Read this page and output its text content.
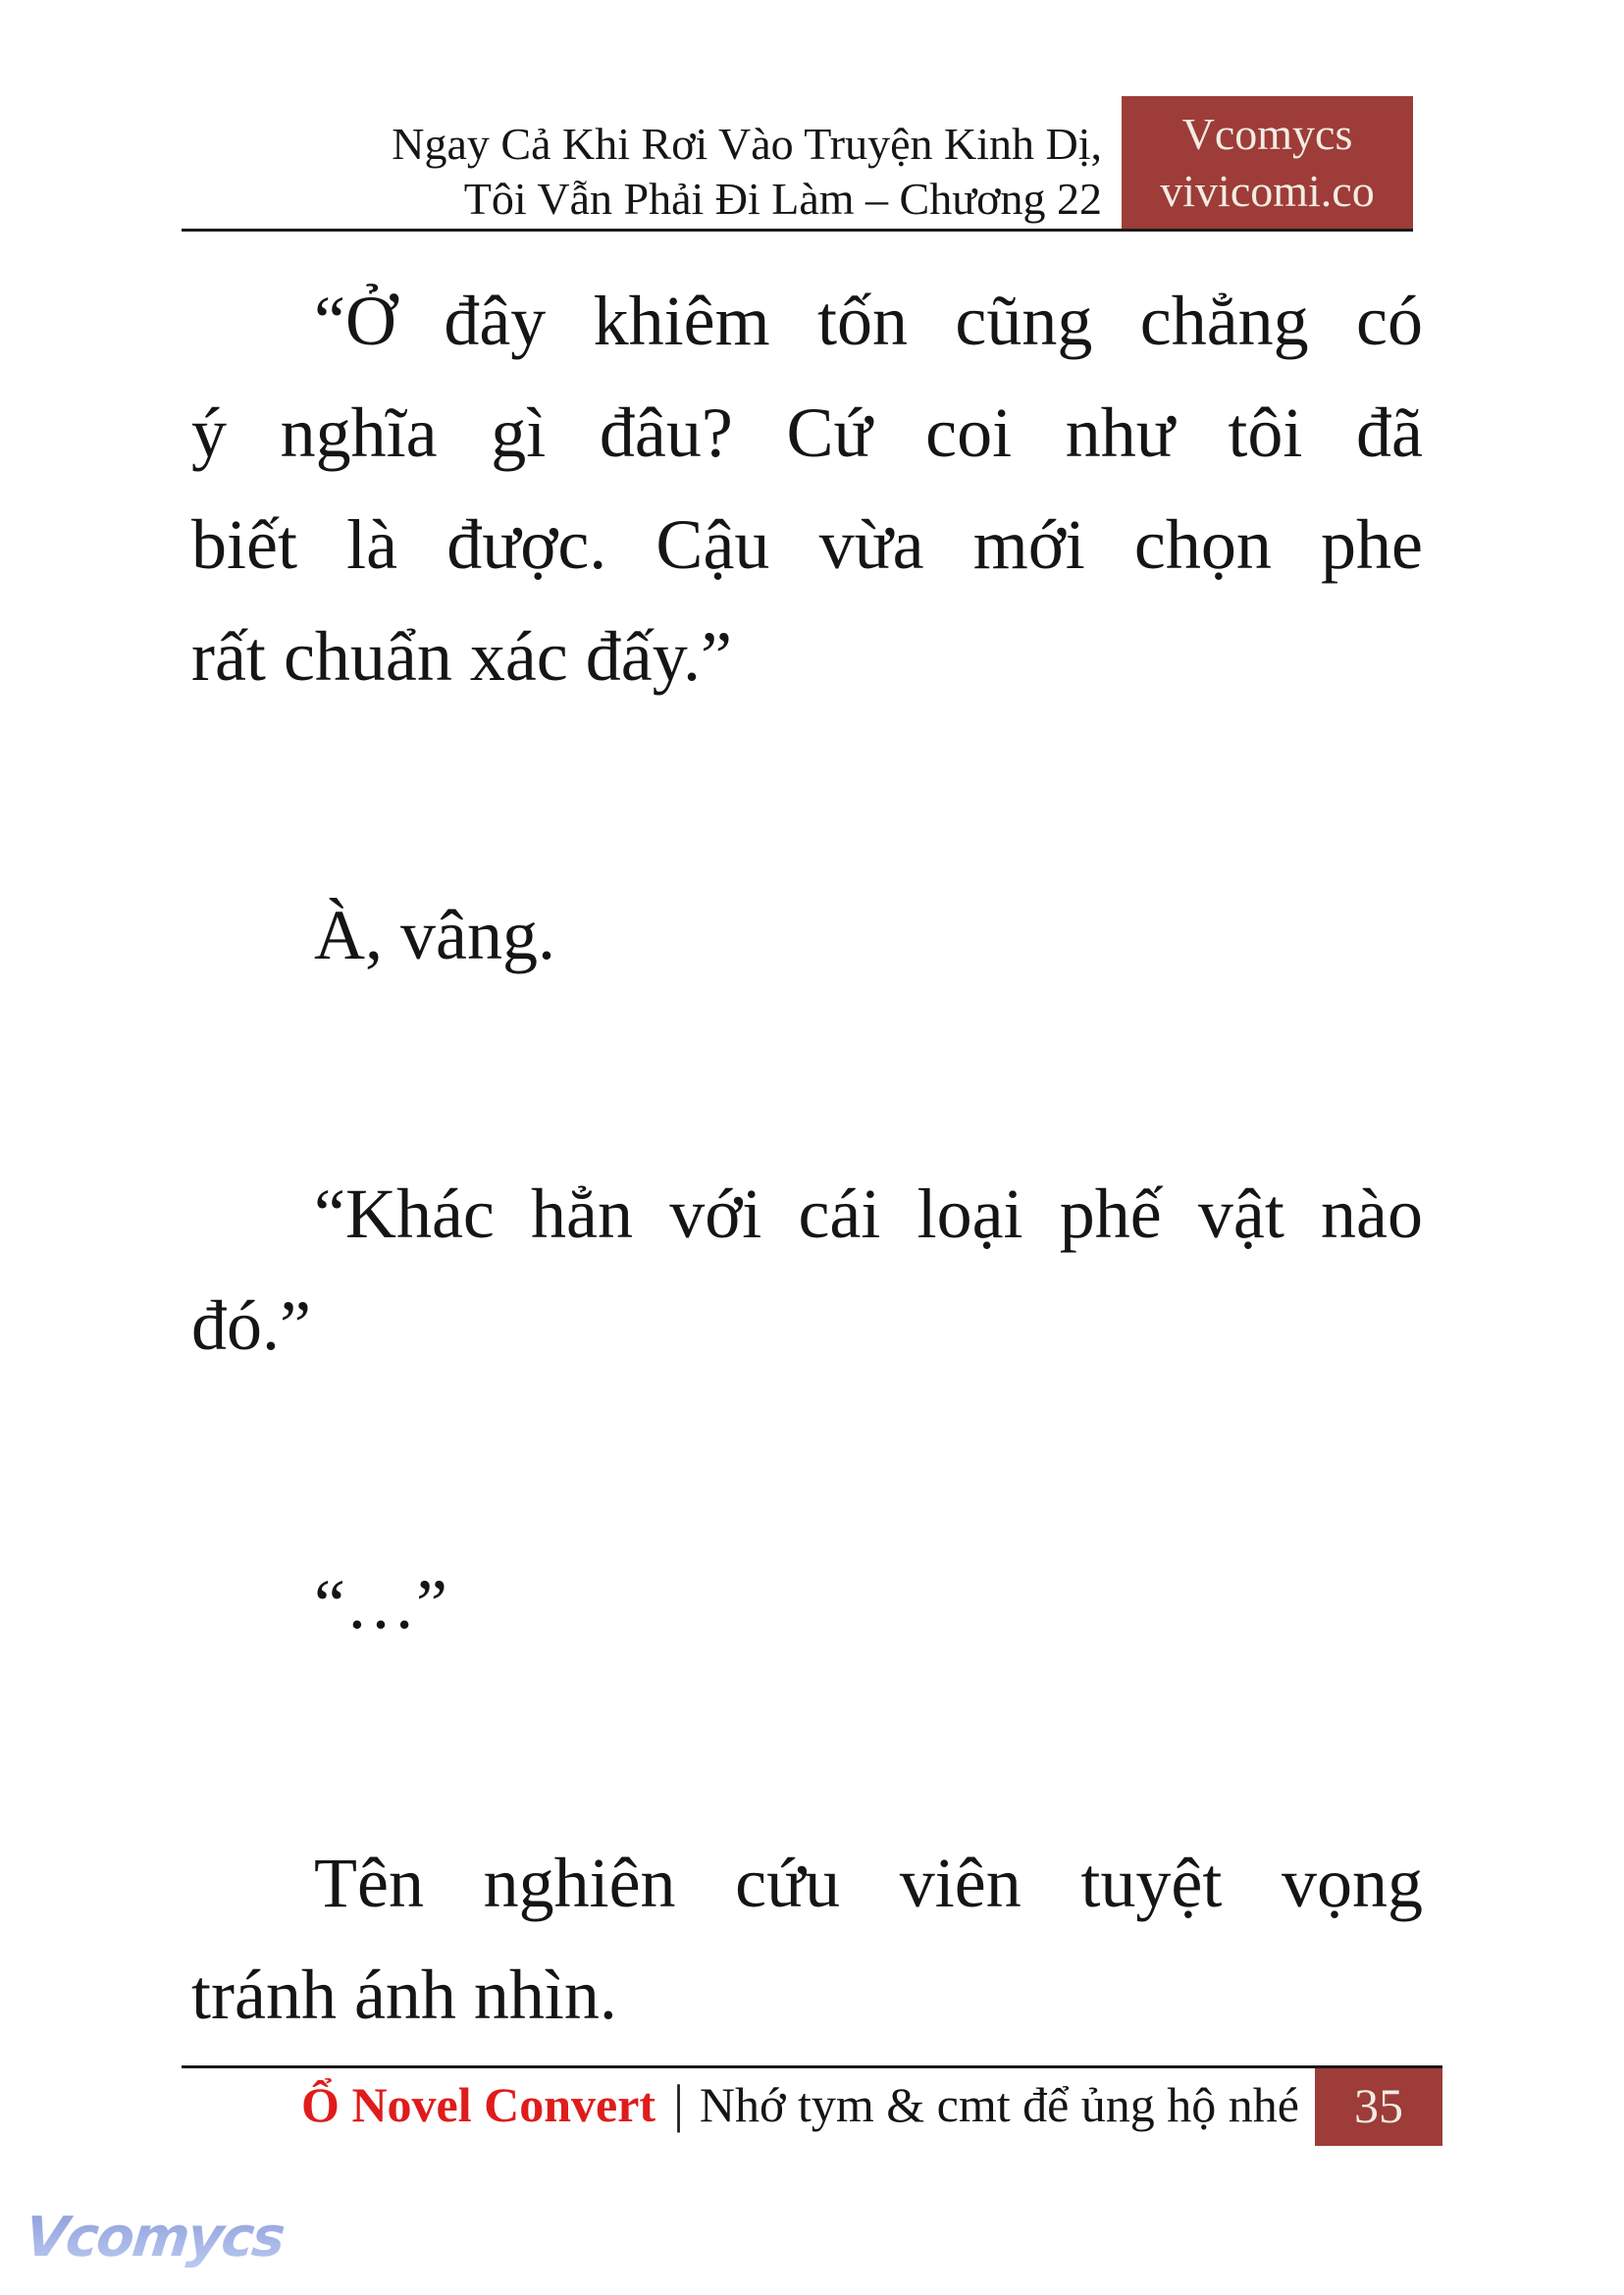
Ngay Cả Khi Rơi Vào Truyện Kinh Dị,
Tôi Vẫn Phải Đi Làm – Chương 22
Vcomycs
vivicomi.co
“Ở đây khiêm tốn cũng chẳng có
ý nghĩa gì đâu? Cứ coi như tôi đã
biết là được. Cậu vừa mới chọn phe
rất chuẩn xác đấy.”
À, vâng.
“Khác hẳn với cái loại phế vật nào
đó.”
“…”
Tên nghiên cứu viên tuyệt vọng
tránh ánh nhìn.
Ổ Novel Convert | Nhớ tym & cmt để ủng hộ nhé 35
Vcomycs
